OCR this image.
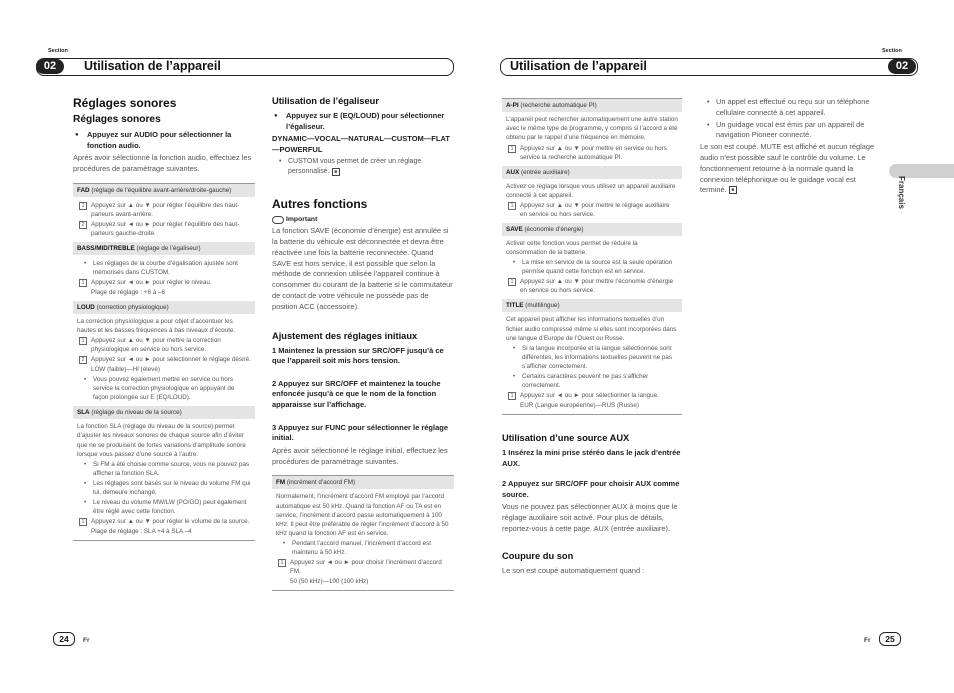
Section	Section
02	Utilisation de l’appareil	02
Utilisation de l’appareil
Français
Réglages sonores
Réglages sonores
● Appuyez sur AUDIO pour sélectionner la fonction audio.
Après avoir sélectionné la fonction audio, effectuez les procédures de paramétrage suivantes.
FAD (réglage de l’équilibre avant-arrière/droite-gauche)
1	Appuyez sur ▲ ou ▼ pour régler l’équilibre des haut-parleurs avant-arrière.
2	Appuyez sur ◄ ou ► pour régler l’équilibre des haut-parleurs gauche-droite.
BASS/MID/TREBLE (réglage de l’égaliseur)
• Les réglages de la courbe d’égalisation ajustée sont mémorisés dans CUSTOM.
1	Appuyez sur ◄ ou ► pour régler le niveau.
Plage de réglage : +6 à –6
LOUD (correction physiologique)
La correction physiologique a pour objet d’accentuer les hautes et les basses fréquences à bas niveaux d’écoute.
1	Appuyez sur ▲ ou ▼ pour mettre la correction physiologique en service ou hors service.
2	Appuyez sur ◄ ou ► pour sélectionner le réglage désiré.
LOW (faible)—HI (élevé)
• Vous pouvez également mettre en service ou hors service la correction physiologique en appuyant de façon prolongée sur E (EQ/LOUD).
SLA (réglage du niveau de la source)
La fonction SLA (réglage du niveau de la source) permet d’ajuster les niveaux sonores de chaque source afin d’éviter que ne se produisent de fortes variations d’amplitude sonore lorsque vous passez d’une source à l’autre.
• Si FM a été choisie comme source, vous ne pouvez pas afficher la fonction SLA.
• Les réglages sont basés sur le niveau du volume FM qui lui, demeure inchangé.
• Le niveau du volume MW/LW (PO/GO) peut également être réglé avec cette fonction.
1	Appuyez sur ▲ ou ▼ pour régler le volume de la source.
Plage de réglage : SLA +4 à SLA –4
Utilisation de l’égaliseur
● Appuyez sur E (EQ/LOUD) pour sélectionner l’égaliseur.
DYNAMIC—VOCAL—NATURAL—CUSTOM—FLAT—POWERFUL
• CUSTOM vous permet de créer un réglage personnalisé. ■
Autres fonctions
Important
La fonction SAVE (économie d’énergie) est annulée si la batterie du véhicule est déconnectée et devra être réactivée une fois la batterie reconnectée. Quand SAVE est hors service, il est possible que selon la méthode de connexion utilisée l’appareil continue à consommer du courant de la batterie si le commutateur de contact de votre véhicule ne possède pas de position ACC (accessoire).
Ajustement des réglages initiaux
1 Maintenez la pression sur SRC/OFF jusqu’à ce que l’appareil soit mis hors tension.
2 Appuyez sur SRC/OFF et maintenez la touche enfoncée jusqu’à ce que le nom de la fonction apparaisse sur l’affichage.
3 Appuyez sur FUNC pour sélectionner le réglage initial.
Après avoir sélectionné le réglage initial, effectuez les procédures de paramétrage suivantes.
FM (incrément d’accord FM)
Normalement, l’incrément d’accord FM employé par l’accord automatique est 50 kHz. Quand la fonction AF ou TA est en service, l’incrément d’accord passe automatiquement à 100 kHz. Il peut être préférable de régler l’incrément d’accord à 50 kHz quand la fonction AF est en service.
• Pendant l’accord manuel, l’incrément d’accord est maintenu à 50 kHz.
1	Appuyez sur ◄ ou ► pour choisir l’incrément d’accord FM.
50 (50 kHz)—100 (100 kHz)
A-PI (recherche automatique PI)
L’appareil peut rechercher automatiquement une autre station avec le même type de programme, y compris si l’accord a été obtenu par le rappel d’une fréquence en mémoire.
1	Appuyez sur ▲ ou ▼ pour mettre en service ou hors service la recherche automatique PI.
AUX (entrée auxiliaire)
Activez ce réglage lorsque vous utilisez un appareil auxiliaire connecté à cet appareil.
1	Appuyez sur ▲ ou ▼ pour mettre le réglage auxiliaire en service ou hors service.
SAVE (économie d’énergie)
Activer cette fonction vous permet de réduire la consommation de la batterie.
• La mise en service de la source est la seule opération permise quand cette fonction est en service.
1	Appuyez sur ▲ ou ▼ pour mettre l’économie d’énergie en service ou hors service.
TITLE (multilingue)
Cet appareil peut afficher les informations textuelles d’un fichier audio compressé même si elles sont incorporées dans une langue d’Europe de l’Ouest ou Russe.
• Si la langue incorporée et la langue sélectionnée sont différentes, les informations textuelles peuvent ne pas s’afficher correctement.
• Certains caractères peuvent ne pas s’afficher correctement.
1	Appuyez sur ◄ ou ► pour sélectionner la langue.
EUR (Langue européenne)—RUS (Russe)
Utilisation d’une source AUX
1 Insérez la mini prise stéréo dans le jack d’entrée AUX.
2 Appuyez sur SRC/OFF pour choisir AUX comme source.
Vous ne pouvez pas sélectionner AUX à moins que le réglage auxiliaire soit activé. Pour plus de détails, reportez-vous à cette page. AUX (entrée auxiliaire).
Coupure du son
Le son est coupé automatiquement quand :
• Un appel est effectué ou reçu sur un téléphone cellulaire connecté à cet appareil.
• Un guidage vocal est émis par un appareil de navigation Pioneer connecté.
Le son est coupé. MUTE est affiché et aucun réglage audio n’est possible sauf le contrôle du volume. Le fonctionnement retourne à la normale quand la connexion téléphonique ou le guidage vocal est terminé. ■
24	Fr	Fr	25
